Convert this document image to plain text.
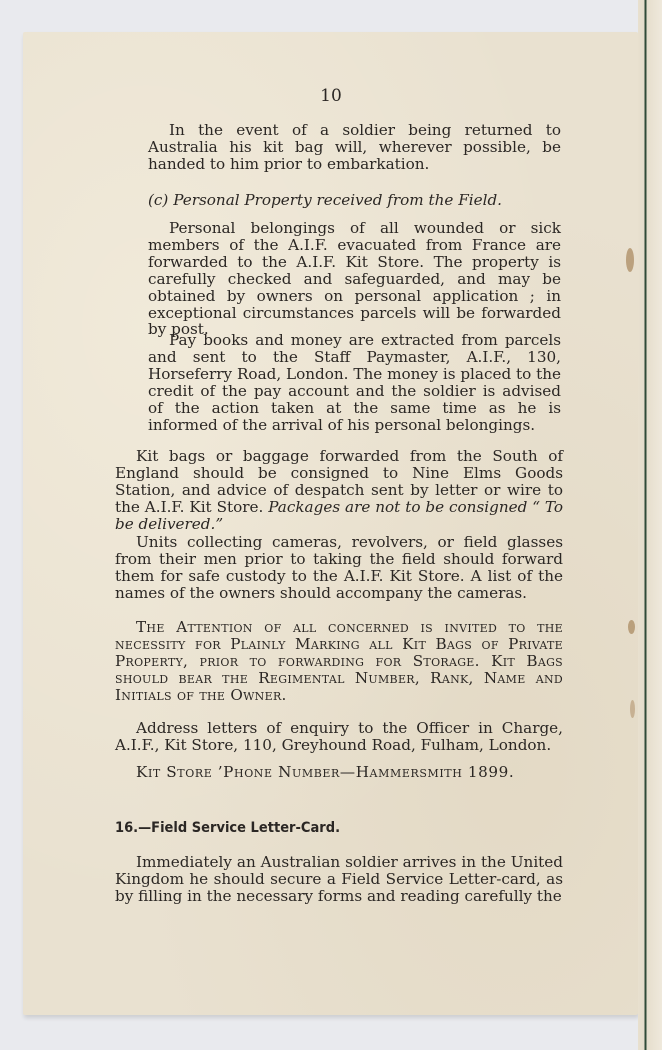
10

In the event of a soldier being returned to Australia his kit bag will, wherever possible, be handed to him prior to embarkation.

(c) Personal Property received from the Field.

Personal belongings of all wounded or sick members of the A.I.F. evacuated from France are forwarded to the A.I.F. Kit Store. The property is carefully checked and safeguarded, and may be obtained by owners on personal application ; in exceptional circumstances parcels will be forwarded by post.

Pay books and money are extracted from parcels and sent to the Staff Paymaster, A.I.F., 130, Horseferry Road, London. The money is placed to the credit of the pay account and the soldier is advised of the action taken at the same time as he is informed of the arrival of his personal belongings.

Kit bags or baggage forwarded from the South of England should be consigned to Nine Elms Goods Station, and advice of despatch sent by letter or wire to the A.I.F. Kit Store. Packages are not to be consigned “ To be delivered.”

Units collecting cameras, revolvers, or field glasses from their men prior to taking the field should forward them for safe custody to the A.I.F. Kit Store. A list of the names of the owners should accompany the cameras.

The Attention of all concerned is invited to the necessity for Plainly Marking all Kit Bags of Private Property, prior to forwarding for Storage. Kit Bags should bear the Regimental Number, Rank, Name and Initials of the Owner.

Address letters of enquiry to the Officer in Charge, A.I.F., Kit Store, 110, Greyhound Road, Fulham, London.

Kit Store ’Phone Number—Hammersmith 1899.

16.—Field Service Letter-Card.

Immediately an Australian soldier arrives in the United Kingdom he should secure a Field Service Letter-card, as by filling in the necessary forms and reading carefully the
